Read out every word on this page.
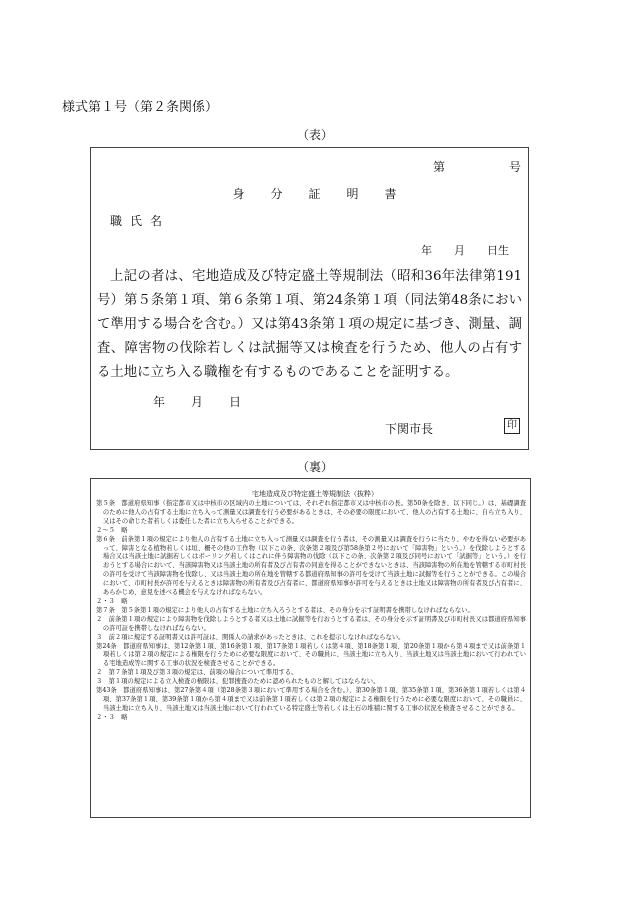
様式第１号（第２条関係）
（表）
第	号
身 分 証 明 書
職 氏 名
年 月 日生
上記の者は、宅地造成及び特定盛土等規制法（昭和36年法律第191号）第５条第１項、第６条第１項、第24条第１項（同法第48条において準用する場合を含む。）又は第43条第１項の規定に基づき、測量、調査、障害物の伐除若しくは試掘等又は検査を行うため、他人の占有する土地に立ち入る職権を有するものであることを証明する。
年 月 日
下関市長	印
（裏）
宅地造成及び特定盛土等規制法（抜粋）

第５条　都道府県知事（指定都市又は中核市の区域内の土地については、それぞれ指定都市又は中核市の長。第50条を除き、以下同じ。）は、基礎調査のために他人の占有する土地に立ち入って測量又は調査を行う必要があるときは、その必要の限度において、他人の占有する土地に、自ら立ち入り、又はその命じた者若しくは委任した者に立ち入らせることができる。

２～５　略

第６条　前条第１項の規定により他人の占有する土地に立ち入って測量又は調査を行う者は、その測量又は調査を行うに当たり、やむを得ない必要があって、障害となる植物若しくは垣、柵その他の工作物（以下この条、次条第２項及び第58条第２号において「障害物」という。）を伐除しようとする場合又は当該土地に試掘若しくはボーリング若しくはこれに伴う障害物の伐除（以下この条、次条第２項及び同号において「試掘等」という。）を行おうとする場合において、当該障害物又は当該土地の所有者及び占有者の同意を得ることができないときは、当該障害物の所在地を管轄する市町村長の許可を受けて当該障害物を伐除し、又は当該土地の所在地を管轄する都道府県知事の許可を受けて当該土地に試掘等を行うことができる。この場合において、市町村長が許可を与えるときは障害物の所有者及び占有者に、都道府県知事が許可を与えるときは土地又は障害物の所有者及び占有者に、あらかじめ、意見を述べる機会を与えなければならない。

２・３　略

第７条　第５条第１項の規定により他人の占有する土地に立ち入ろうとする者は、その身分を示す証明書を携帯しなければならない。

２　前条第１項の規定により障害物を伐除しようとする者又は土地に試掘等を行おうとする者は、その身分を示す証明書及び市町村長又は都道府県知事の許可証を携帯しなければならない。

３　前２項に規定する証明書又は許可証は、関係人の請求があったときは、これを提示しなければならない。

第24条　都道府県知事は、第12条第１項、第16条第１項、第17条第１項若しくは第４項、第18条第１項、第20条第１項から第４項まで又は前条第１項若しくは第２項の規定による権限を行うために必要な限度において、その職員に、当該土地に立ち入り、当該土地又は当該土地において行われている宅地造成等に関する工事の状況を検査させることができる。

２　第７条第１項及び第３項の規定は、前項の場合について準用する。

３　第１項の規定による立入検査の権限は、犯罪捜査のために認められたものと解してはならない。

第43条　都道府県知事は、第27条第４項（第28条第３項において準用する場合を含む。）、第30条第１項、第35条第１項、第36条第１項若しくは第４項、第37条第１項、第39条第１項から第４項まで又は前条第１項若しくは第２項の規定による権限を行うために必要な限度において、その職員に、当該土地に立ち入り、当該土地又は当該土地において行われている特定盛土等若しくは土石の堆積に関する工事の状況を検査させることができる。

２・３　略
